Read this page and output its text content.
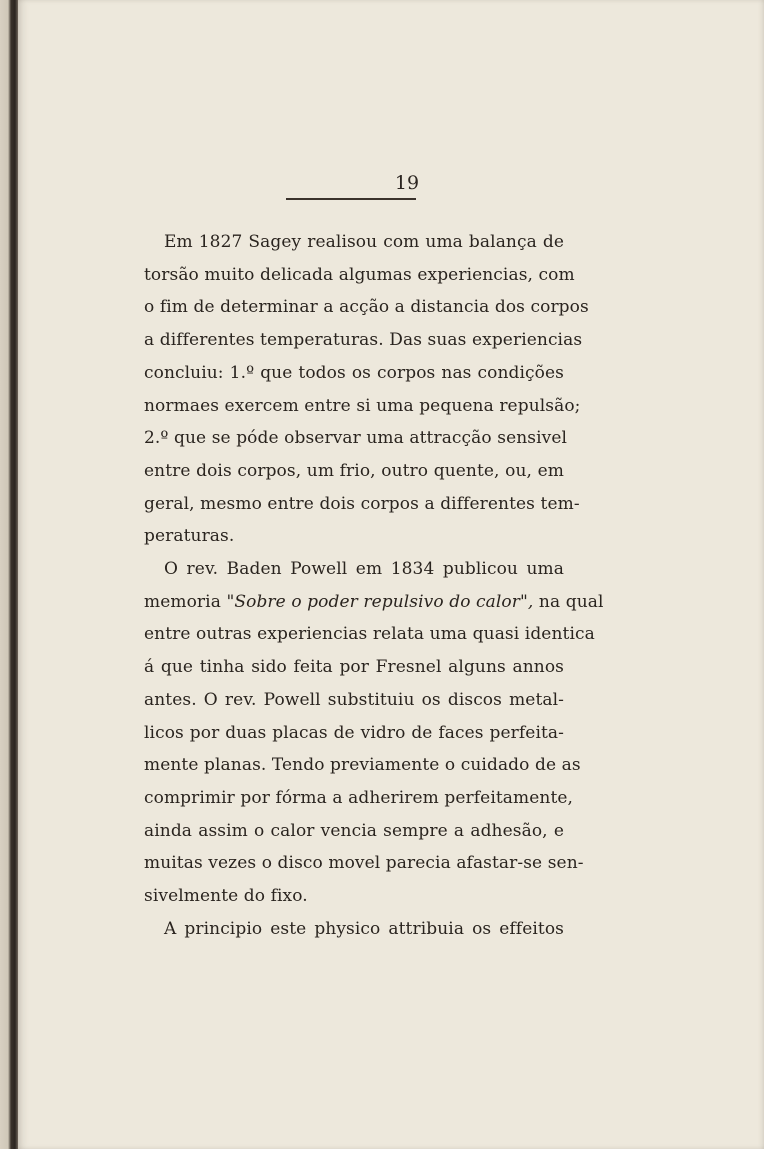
19
Em 1827 Sagey realisou com uma balança de
torsão muito delicada algumas experiencias, com
o fim de determinar a acção a distancia dos corpos
a differentes temperaturas. Das suas experiencias
concluiu: 1.º que todos os corpos nas condições
normaes exercem entre si uma pequena repulsão;
2.º que se póde observar uma attracção sensivel
entre dois corpos, um frio, outro quente, ou, em
geral, mesmo entre dois corpos a differentes tem-
peraturas.
O rev. Baden Powell em 1834 publicou uma
memoria "Sobre o poder repulsivo do calor", na qual
entre outras experiencias relata uma quasi identica
á que tinha sido feita por Fresnel alguns annos
antes. O rev. Powell substituiu os discos metal-
licos por duas placas de vidro de faces perfeita-
mente planas. Tendo previamente o cuidado de as
comprimir por fórma a adherirem perfeitamente,
ainda assim o calor vencia sempre a adhesão, e
muitas vezes o disco movel parecia afastar-se sen-
sivelmente do fixo.
A principio este physico attribuia os effeitos
